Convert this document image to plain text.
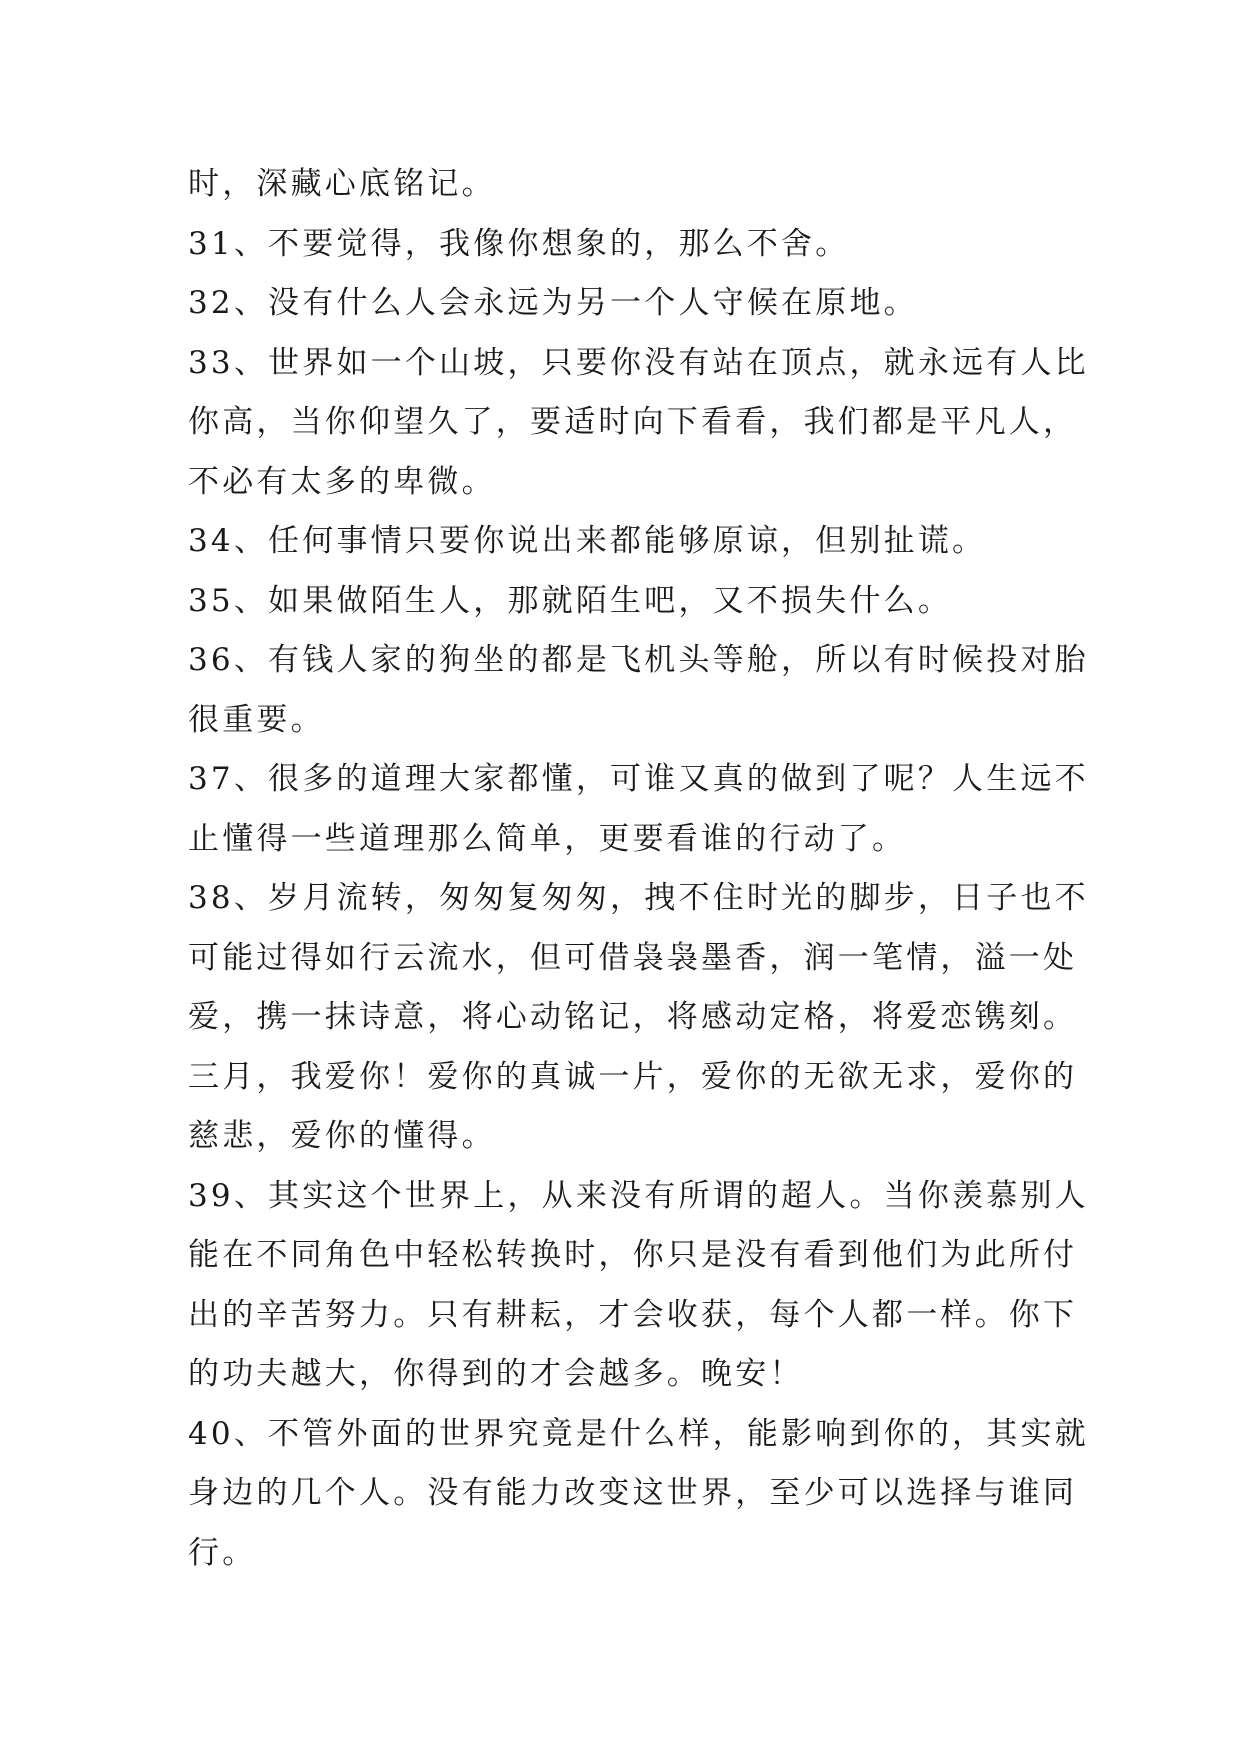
时，深藏心底铭记。
31、不要觉得，我像你想象的，那么不舍。
32、没有什么人会永远为另一个人守候在原地。
33、世界如一个山坡，只要你没有站在顶点，就永远有人比
你高，当你仰望久了，要适时向下看看，我们都是平凡人，
不必有太多的卑微。
34、任何事情只要你说出来都能够原谅，但别扯谎。
35、如果做陌生人，那就陌生吧，又不损失什么。
36、有钱人家的狗坐的都是飞机头等舱，所以有时候投对胎
很重要。
37、很多的道理大家都懂，可谁又真的做到了呢？人生远不
止懂得一些道理那么简单，更要看谁的行动了。
38、岁月流转，匆匆复匆匆，拽不住时光的脚步，日子也不
可能过得如行云流水，但可借袅袅墨香，润一笔情，溢一处
爱，携一抹诗意，将心动铭记，将感动定格，将爱恋镌刻。
三月，我爱你！爱你的真诚一片，爱你的无欲无求，爱你的
慈悲，爱你的懂得。
39、其实这个世界上，从来没有所谓的超人。当你羡慕别人
能在不同角色中轻松转换时，你只是没有看到他们为此所付
出的辛苦努力。只有耕耘，才会收获，每个人都一样。你下
的功夫越大，你得到的才会越多。晚安！
40、不管外面的世界究竟是什么样，能影响到你的，其实就
身边的几个人。没有能力改变这世界，至少可以选择与谁同
行。
